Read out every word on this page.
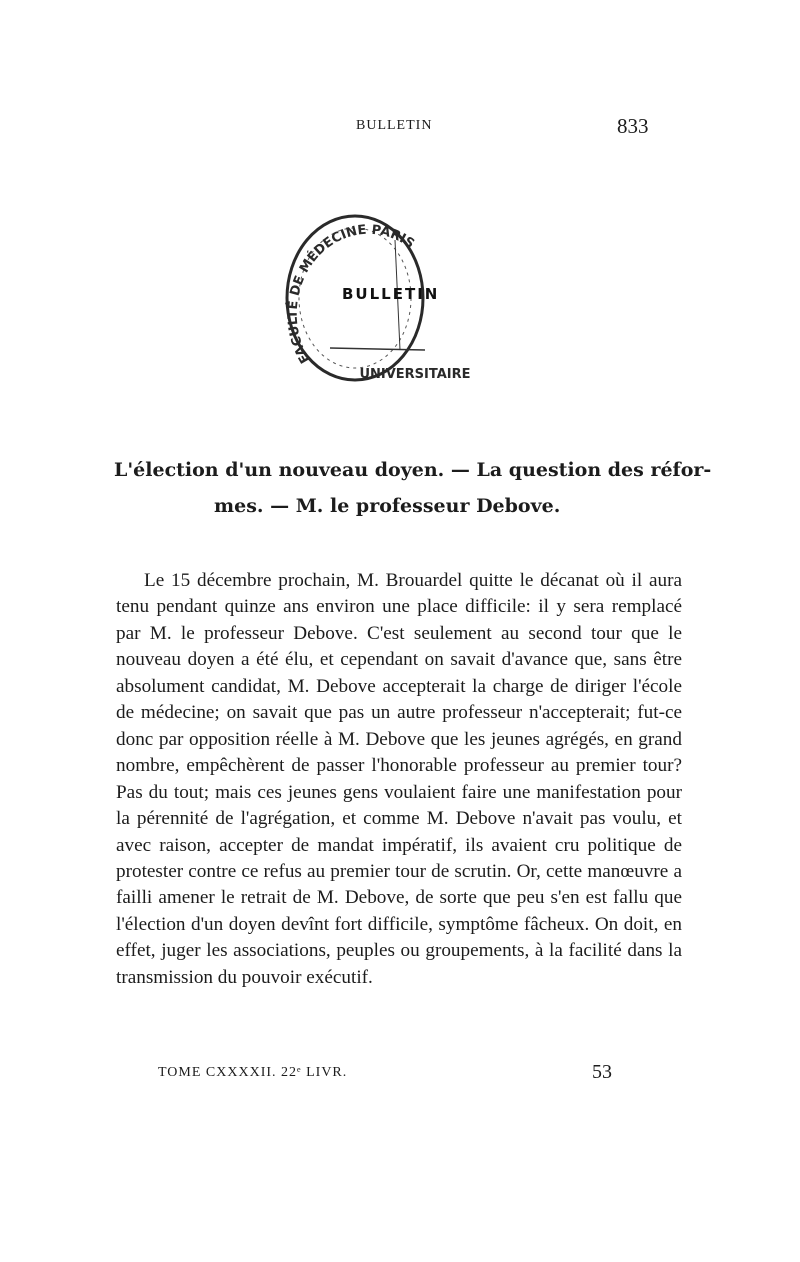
BULLETIN	833
FACULTÉ DE MÉDECINE PARIS
UNIVERSITAIRE
BULLETIN
L'élection d'un nouveau doyen. — La question des réfor-
mes. — M. le professeur Debove.

Le 15 décembre prochain, M. Brouardel quitte le décanat où il aura tenu pendant quinze ans environ une place difficile: il y sera remplacé par M. le professeur Debove. C'est seulement au second tour que le nouveau doyen a été élu, et cependant on savait d'avance que, sans être absolument candidat, M. Debove accepterait la charge de diriger l'école de médecine; on savait que pas un autre professeur n'accepterait; fut-ce donc par opposition réelle à M. Debove que les jeunes agrégés, en grand nombre, empêchèrent de passer l'honorable professeur au premier tour? Pas du tout; mais ces jeunes gens voulaient faire une manifestation pour la pérennité de l'agrégation, et comme M. Debove n'avait pas voulu, et avec raison, accepter de mandat impératif, ils avaient cru politique de protester contre ce refus au premier tour de scrutin. Or, cette manœuvre a failli amener le retrait de M. Debove, de sorte que peu s'en est fallu que l'élection d'un doyen devînt fort difficile, symptôme fâcheux. On doit, en effet, juger les associations, peuples ou groupements, à la facilité dans la transmission du pouvoir exécutif.

TOME CXXXXII. 22ᵉ LIVR.	53
